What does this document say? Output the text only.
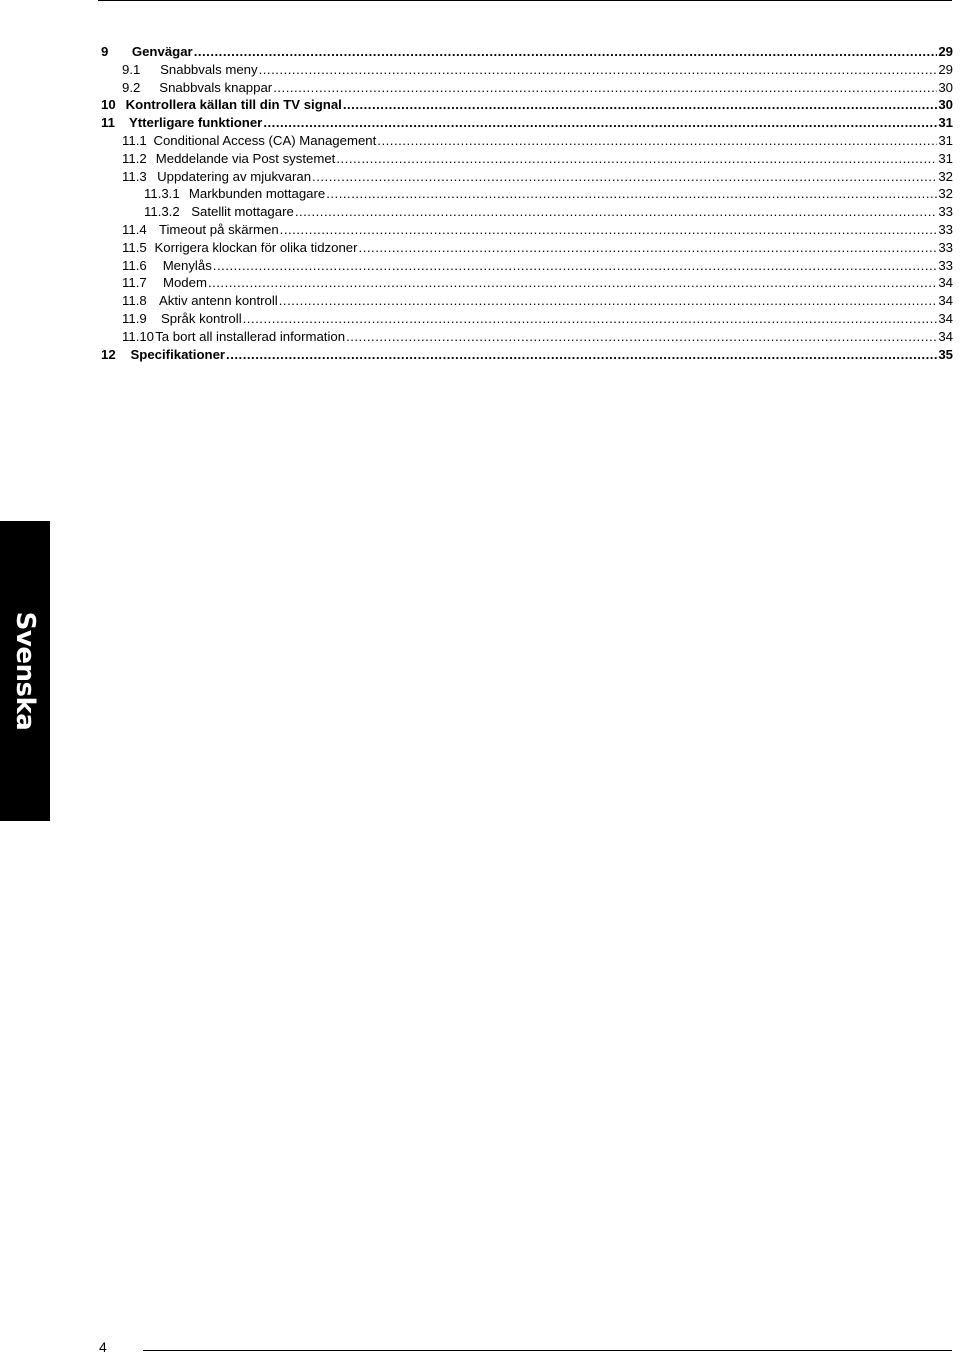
9	Genvägar .....	29
9.1	Snabbvals meny .....	29
9.2	Snabbvals knappar .....	30
10 Kontrollera källan till din TV signal .....	30
11	Ytterligare funktioner .....	31
11.1 Conditional Access (CA) Management .....	31
11.2 Meddelande via Post systemet .....	31
11.3 Uppdatering av mjukvaran .....	32
11.3.1 Markbunden mottagare .....	32
11.3.2 Satellit mottagare .....	33
11.4 Timeout på skärmen .....	33
11.5 Korrigera klockan för olika tidzoner .....	33
11.6	Menylås .....	33
11.7	Modem .....	34
11.8 Aktiv antenn kontroll .....	34
11.9	Språk kontroll .....	34
11.10 Ta bort all installerad information .....	34
12	Specifikationer .....	35
Svenska
4
